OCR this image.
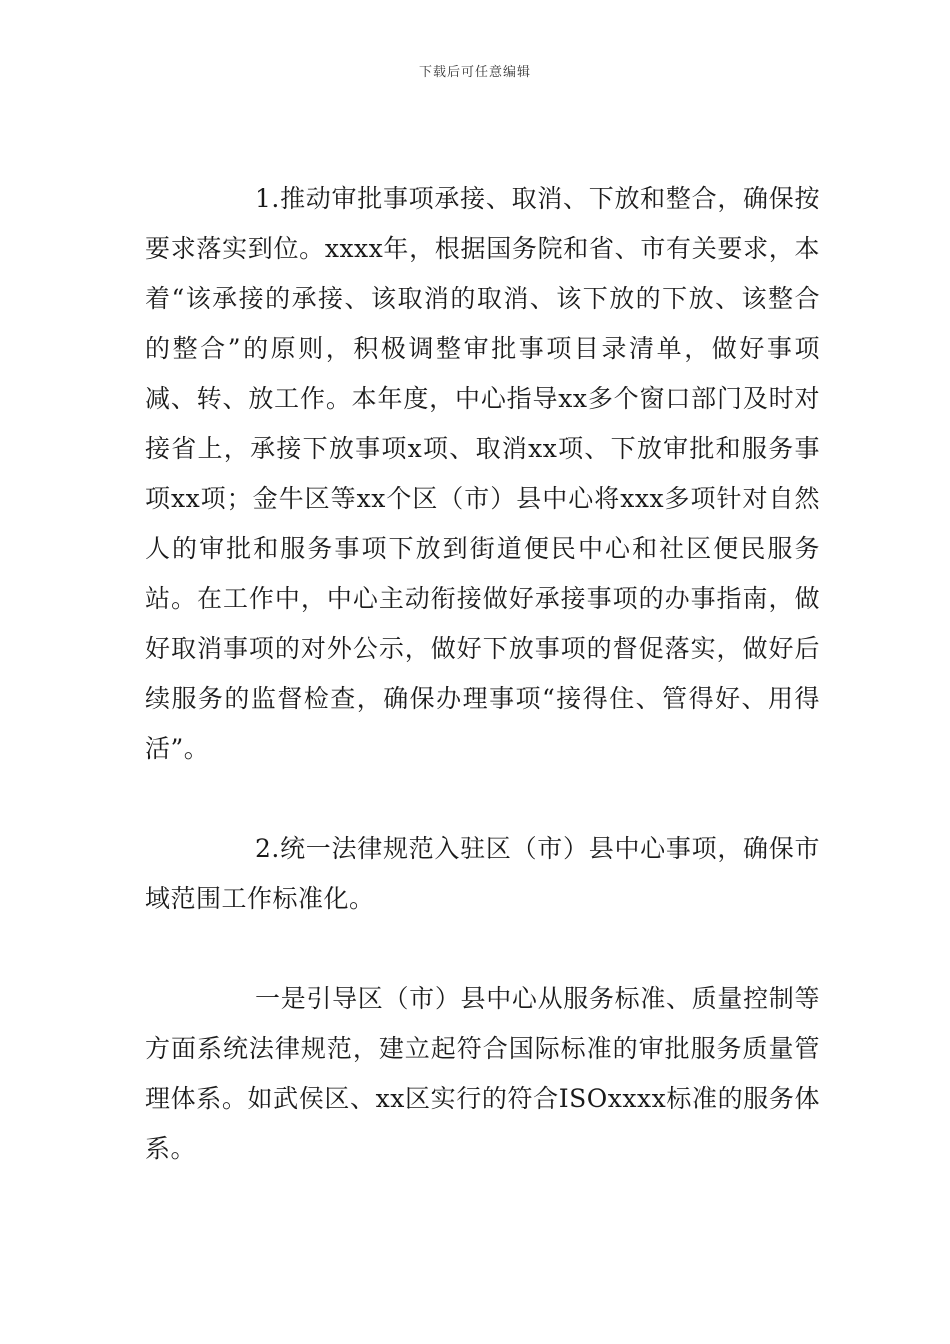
下载后可任意编辑

1.推动审批事项承接、取消、下放和整合，确保按要求落实到位。xxxx年，根据国务院和省、市有关要求，本着“该承接的承接、该取消的取消、该下放的下放、该整合的整合”的原则，积极调整审批事项目录清单，做好事项减、转、放工作。本年度，中心指导xx多个窗口部门及时对接省上，承接下放事项x项、取消xx项、下放审批和服务事项xx项；金牛区等xx个区（市）县中心将xxx多项针对自然人的审批和服务事项下放到街道便民中心和社区便民服务站。在工作中，中心主动衔接做好承接事项的办事指南，做好取消事项的对外公示，做好下放事项的督促落实，做好后续服务的监督检查，确保办理事项“接得住、管得好、用得活”。

2.统一法律规范入驻区（市）县中心事项，确保市域范围工作标准化。

一是引导区（市）县中心从服务标准、质量控制等方面系统法律规范，建立起符合国际标准的审批服务质量管理体系。如武侯区、xx区实行的符合ISOxxxx标准的服务体系。
